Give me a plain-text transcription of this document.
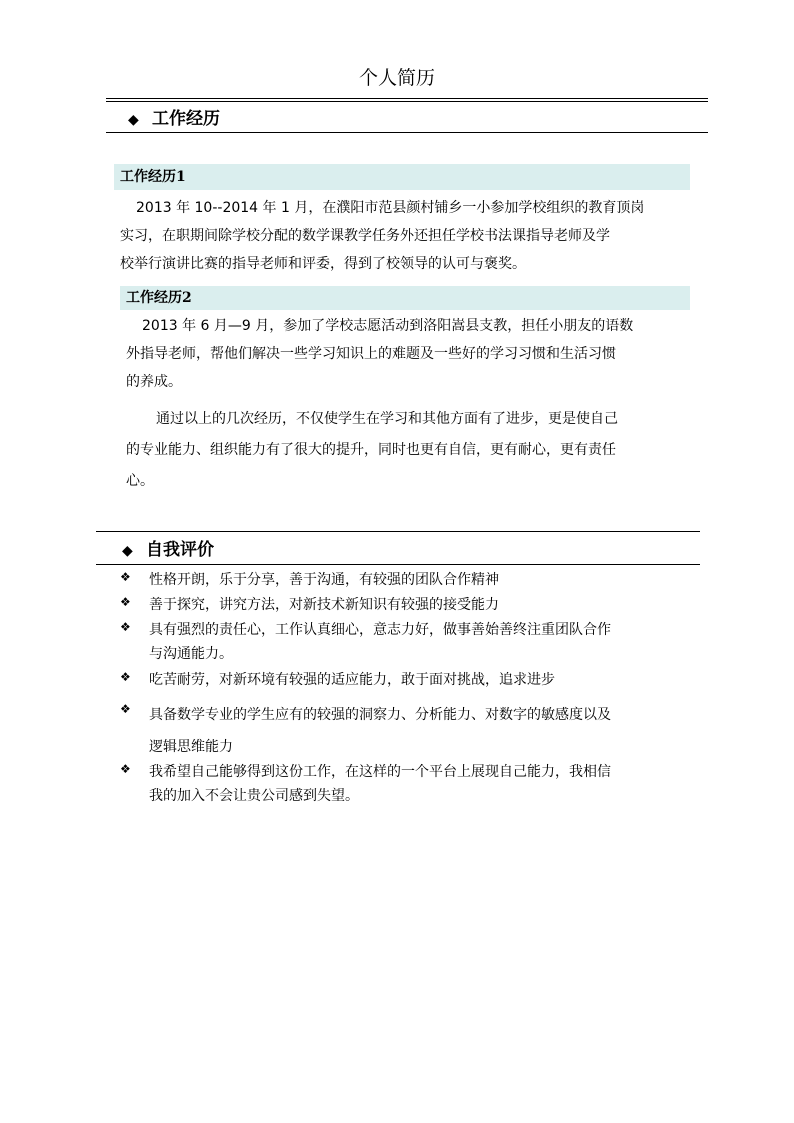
个人简历
◆ 工作经历
工作经历1
2013 年 10--2014 年 1 月，在濮阳市范县颜村铺乡一小参加学校组织的教育顶岗
实习，在职期间除学校分配的数学课教学任务外还担任学校书法课指导老师及学
校举行演讲比赛的指导老师和评委，得到了校领导的认可与褒奖。
工作经历2
2013 年 6 月—9 月，参加了学校志愿活动到洛阳嵩县支教，担任小朋友的语数
外指导老师，帮他们解决一些学习知识上的难题及一些好的学习习惯和生活习惯
的养成。
通过以上的几次经历，不仅使学生在学习和其他方面有了进步，更是使自己
的专业能力、组织能力有了很大的提升，同时也更有自信，更有耐心，更有责任
心。
◆ 自我评价
❖	性格开朗，乐于分享，善于沟通，有较强的团队合作精神
❖	善于探究，讲究方法，对新技术新知识有较强的接受能力
❖	具有强烈的责任心，工作认真细心，意志力好，做事善始善终注重团队合作
与沟通能力。
❖	吃苦耐劳，对新环境有较强的适应能力，敢于面对挑战，追求进步
❖	具备数学专业的学生应有的较强的洞察力、分析能力、对数字的敏感度以及
逻辑思维能力
❖	我希望自己能够得到这份工作，在这样的一个平台上展现自己能力，我相信
我的加入不会让贵公司感到失望。
